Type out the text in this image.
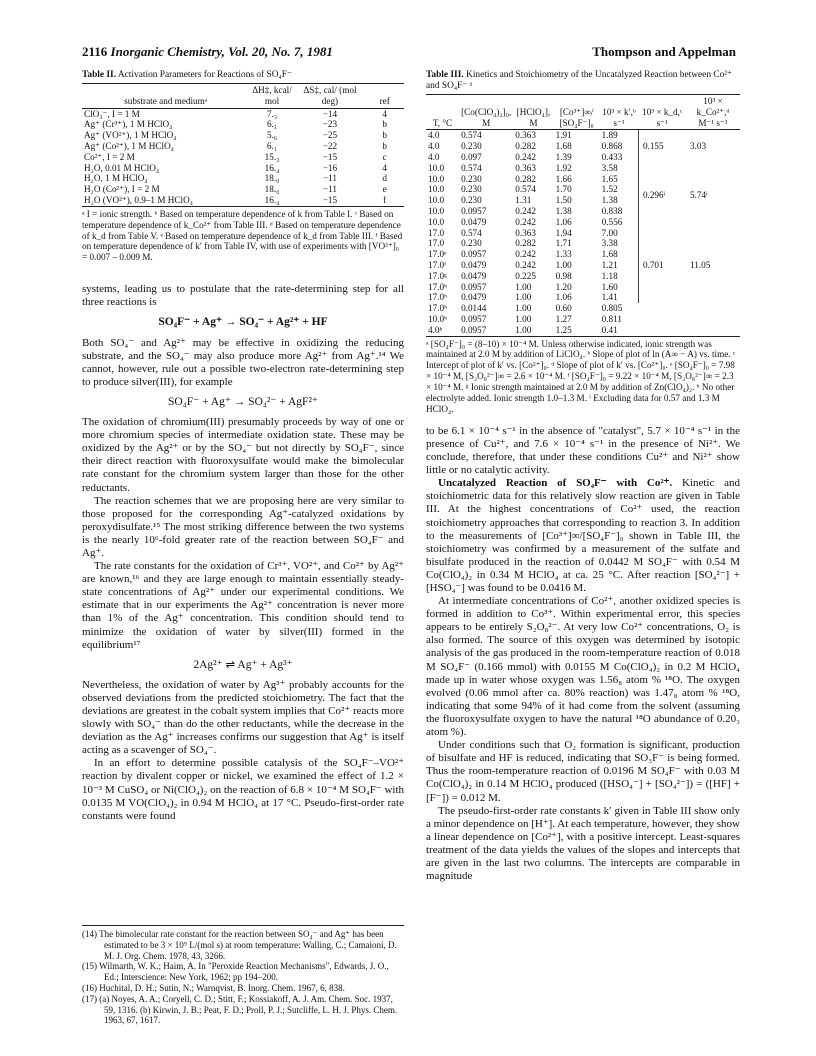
2116 Inorganic Chemistry, Vol. 20, No. 7, 1981	Thompson and Appelman
Table II. Activation Parameters for Reactions of SO₄F⁻
substrate and mediumᵃ	ΔH‡, kcal/ mol	ΔS‡, cal/ (mol deg)	ref
ClO₃⁻, I = 1 M	7.₃	−14	4
Ag⁺ (Cr³⁺), 1 M HClO₄	6.₁	−23	b
Ag⁺ (VO²⁺), 1 M HClO₄	5.₆	−25	b
Ag⁺ (Co²⁺), 1 M HClO₄	6.₁	−22	b
Co²⁺, I = 2 M	15.₃	−15	c
H₂O, 0.01 M HClO₄	16.₄	−16	4
H₂O, 1 M HClO₄	18.₀	−11	d
H₂O (Co²⁺), I = 2 M	18.₀	−11	e
H₂O (VO²⁺), 0.9–1 M HClO₄	16.₄	−15	f
ᵃ I = ionic strength. ᵇ Based on temperature dependence of k from Table I. ᶜ Based on temperature dependence of k_Co²⁺ from Table III. ᵈ Based on temperature dependence of k_d from Table V. ᵉ Based on temperature dependence of k_d from Table III. ᶠ Based on temperature dependence of k′ from Table IV, with use of experiments with [VO²⁺]₀ = 0.007 – 0.009 M.

systems, leading us to postulate that the rate-determining step for all three reactions is

SO₄F⁻ + Ag⁺ → SO₄⁻ + Ag²⁺ + HF

Both SO₄⁻ and Ag²⁺ may be effective in oxidizing the reducing substrate, and the SO₄⁻ may also produce more Ag²⁺ from Ag⁺.¹⁴ We cannot, however, rule out a possible two-electron rate-determining step to produce silver(III), for example

SO₄F⁻ + Ag⁺ → SO₄²⁻ + AgF²⁺

The oxidation of chromium(III) presumably proceeds by way of one or more chromium species of intermediate oxidation state. These may be oxidized by the Ag²⁺ or by the SO₄⁻ but not directly by SO₄F⁻, since their direct reaction with fluoroxysulfate would make the bimolecular rate constant for the chromium system larger than those for the other reductants.

The reaction schemes that we are proposing here are very similar to those proposed for the corresponding Ag⁺-catalyzed oxidations by peroxydisulfate.¹⁵ The most striking difference between the two systems is the nearly 10⁶-fold greater rate of the reaction between SO₄F⁻ and Ag⁺.

The rate constants for the oxidation of Cr³⁺, VO²⁺, and Co²⁺ by Ag²⁺ are known,¹⁶ and they are large enough to maintain essentially steady-state concentrations of Ag²⁺ under our experimental conditions. We estimate that in our experiments the Ag²⁺ concentration is never more than 1% of the Ag⁺ concentration. This condition should tend to minimize the oxidation of water by silver(III) formed in the equilibrium¹⁷

2Ag²⁺ ⇌ Ag⁺ + Ag³⁺

Nevertheless, the oxidation of water by Ag³⁺ probably accounts for the observed deviations from the predicted stoichiometry. The fact that the deviations are greatest in the cobalt system implies that Co²⁺ reacts more slowly with SO₄⁻ than do the other reductants, while the decrease in the deviation as the Ag⁺ increases confirms our suggestion that Ag⁺ is itself acting as a scavenger of SO₄⁻.

In an effort to determine possible catalysis of the SO₄F⁻–VO²⁺ reaction by divalent copper or nickel, we examined the effect of 1.2 × 10⁻³ M CuSO₄ or Ni(ClO₄)₂ on the reaction of 6.8 × 10⁻⁴ M SO₄F⁻ with 0.0135 M VO(ClO₄)₂ in 0.94 M HClO₄ at 17 °C. Pseudo-first-order rate constants were found

(14) The bimolecular rate constant for the reaction between SO₄⁻ and Ag⁺ has been estimated to be 3 × 10⁹ L/(mol s) at room temperature: Walling, C.; Camaioni, D. M. J. Org. Chem. 1978, 43, 3266.
(15) Wilmarth, W. K.; Haim, A. In "Peroxide Reaction Mechanisms", Edwards, J. O., Ed.; Interscience: New York, 1962; pp 194–200.
(16) Huchital, D. H.; Sutin, N.; Warnqvist, B. Inorg. Chem. 1967, 6, 838.
(17) (a) Noyes, A. A.; Coryell, C. D.; Stitt, F.; Kossiakoff, A. J. Am. Chem. Soc. 1937, 59, 1316. (b) Kirwin, J. B.; Peat, F. D.; Proll, P. J.; Sutcliffe, L. H. J. Phys. Chem. 1963, 67, 1617.
Table III. Kinetics and Stoichiometry of the Uncatalyzed Reaction between Co²⁺ and SO₄F⁻ ᵃ
T, °C	[Co(ClO₄)₂]₀, M	[HClO₄], M	[Co³⁺]∞/ [SO₄F⁻]₀	10³ × k′,ᵇ s⁻¹	10³ × k_d,ᶜ s⁻¹	10³ × k_Co²⁺,ᵈ M⁻¹ s⁻¹
4.0	0.574	0.363	1.91	1.89	0.155	3.03
4.0	0.230	0.282	1.68	0.868		
4.0	0.097	0.242	1.39	0.433		
10.0	0.574	0.363	1.92	3.58	0.296ⁱ	5.74ⁱ
10.0	0.230	0.282	1.66	1.65		
10.0	0.230	0.574	1.70	1.52		
10.0	0.230	1.31	1.50	1.38		
10.0	0.0957	0.242	1.38	0.838		
10.0	0.0479	0.242	1.06	0.556		
17.0	0.574	0.363	1.94	7.00	0.701	11.05
17.0	0.230	0.282	1.71	3.38		
17.0ᵉ	0.0957	0.242	1.33	1.68		
17.0ᶠ	0.0479	0.242	1.00	1.21		
17.0ᵍ	0.0479	0.225	0.98	1.18		
17.0ʰ	0.0957	1.00	1.20	1.60		
17.0ʰ	0.0479	1.00	1.06	1.41		
17.0ʰ	0.0144	1.00	0.60	0.805		
10.0ʰ	0.0957	1.00	1.27	0.811		
4.0ʰ	0.0957	1.00	1.25	0.41		
ᵃ [SO₄F⁻]₀ = (8–10) × 10⁻⁴ M. Unless otherwise indicated, ionic strength was maintained at 2.0 M by addition of LiClO₄. ᵇ Slope of plot of ln (A∞ − A) vs. time. ᶜ Intercept of plot of k′ vs. [Co²⁺]₀. ᵈ Slope of plot of k′ vs. [Co²⁺]₀. ᵉ [SO₄F⁻]₀ = 7.98 × 10⁻⁴ M, [S₂O₈²⁻]∞ = 2.6 × 10⁻⁴ M. ᶠ [SO₄F⁻]₀ = 9.22 × 10⁻⁴ M, [S₂O₈²⁻]∞ = 2.3 × 10⁻⁴ M. ᵍ Ionic strength maintained at 2.0 M by addition of Zn(ClO₄)₂. ʰ No other electrolyte added. Ionic strength 1.0–1.3 M. ⁱ Excluding data for 0.57 and 1.3 M HClO₄.

to be 6.1 × 10⁻⁴ s⁻¹ in the absence of "catalyst", 5.7 × 10⁻⁴ s⁻¹ in the presence of Cu²⁺, and 7.6 × 10⁻⁴ s⁻¹ in the presence of Ni²⁺. We conclude, therefore, that under these conditions Cu²⁺ and Ni²⁺ show little or no catalytic activity.

Uncatalyzed Reaction of SO₄F⁻ with Co²⁺. Kinetic and stoichiometric data for this relatively slow reaction are given in Table III. At the highest concentrations of Co²⁺ used, the reaction stoichiometry approaches that corresponding to reaction 3. In addition to the measurements of [Co³⁺]∞/[SO₄F⁻]₀ shown in Table III, the stoichiometry was confirmed by a measurement of the sulfate and bisulfate produced in the reaction of 0.0442 M SO₄F⁻ with 0.54 M Co(ClO₄)₂ in 0.34 M HClO₄ at ca. 25 °C. After reaction [SO₄²⁻] + [HSO₄⁻] was found to be 0.0416 M.

At intermediate concentrations of Co²⁺, another oxidized species is formed in addition to Co³⁺. Within experimental error, this species appears to be entirely S₂O₈²⁻. At very low Co²⁺ concentrations, O₂ is also formed. The source of this oxygen was determined by isotopic analysis of the gas produced in the room-temperature reaction of 0.018 M SO₄F⁻ (0.166 mmol) with 0.0155 M Co(ClO₄)₂ in 0.2 M HClO₄ made up in water whose oxygen was 1.56₈ atom % ¹⁸O. The oxygen evolved (0.06 mmol after ca. 80% reaction) was 1.47₈ atom % ¹⁸O, indicating that some 94% of it had come from the solvent (assuming the fluoroxysulfate oxygen to have the natural ¹⁸O abundance of 0.20₃ atom %).

Under conditions such that O₂ formation is significant, production of bisulfate and HF is reduced, indicating that SO₃F⁻ is being formed. Thus the room-temperature reaction of 0.0196 M SO₄F⁻ with 0.03 M Co(ClO₄)₂ in 0.14 M HClO₄ produced ([HSO₄⁻] + [SO₄²⁻]) = ([HF] + [F⁻]) = 0.012 M.

The pseudo-first-order rate constants k′ given in Table III show only a minor dependence on [H⁺]. At each temperature, however, they show a linear dependence on [Co²⁺], with a positive intercept. Least-squares treatment of the data yields the values of the slopes and intercepts that are given in the last two columns. The intercepts are comparable in magnitude
